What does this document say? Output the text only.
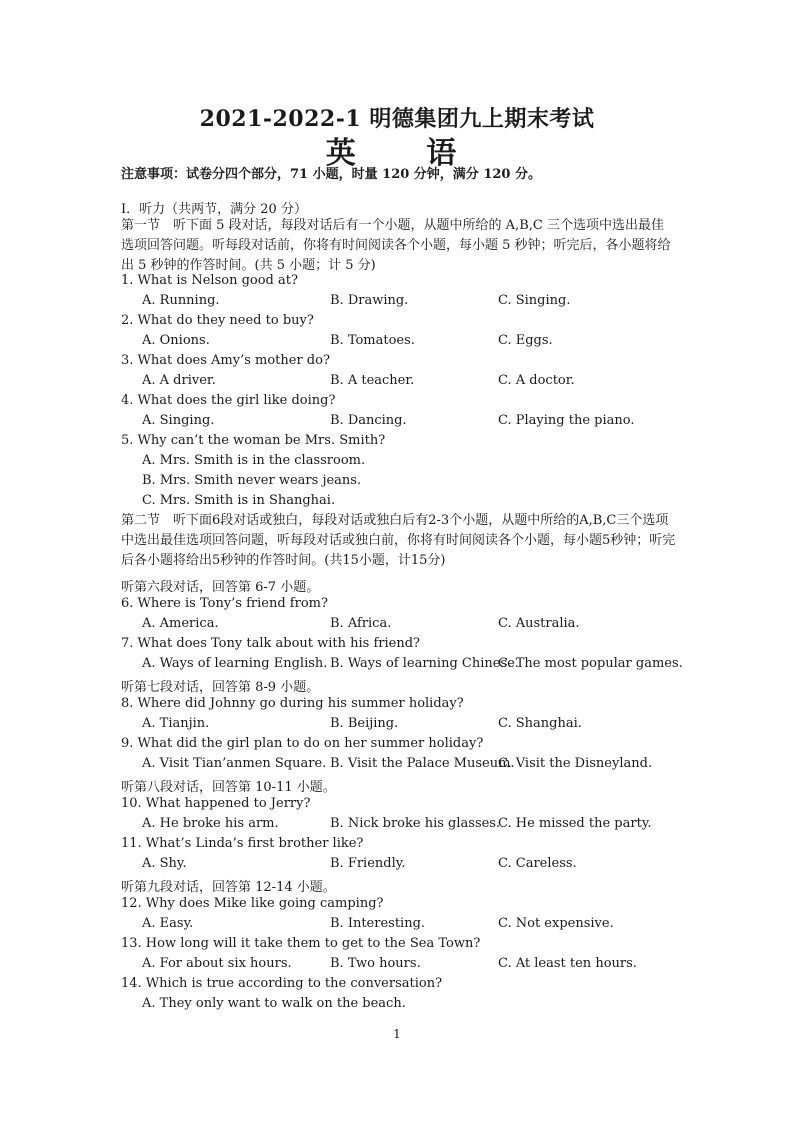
2021-2022-1 明德集团九上期末考试
英 语
注意事项：试卷分四个部分，71 小题，时量 120 分钟，满分 120 分。
I．听力（共两节，满分 20 分）
第一节　听下面 5 段对话，每段对话后有一个小题，从题中所给的 A,B,C 三个选项中选出最佳选项回答问题。听每段对话前，你将有时间阅读各个小题，每小题 5 秒钟；听完后，各小题将给出 5 秒钟的作答时间。(共 5 小题；计 5 分)
1. What is Nelson good at?
A. Running.	B. Drawing.	C. Singing.
2. What do they need to buy?
A. Onions.	B. Tomatoes.	C. Eggs.
3. What does Amy’s mother do?
A. A driver.	B. A teacher.	C. A doctor.
4. What does the girl like doing?
A. Singing.	B. Dancing.	C. Playing the piano.
5. Why can’t the woman be Mrs. Smith?
A. Mrs. Smith is in the classroom.
B. Mrs. Smith never wears jeans.
C. Mrs. Smith is in Shanghai.
第二节　听下面6段对话或独白，每段对话或独白后有2-3个小题，从题中所给的A,B,C三个选项中选出最佳选项回答问题，听每段对话或独白前，你将有时间阅读各个小题，每小题5秒钟；听完后各小题将给出5秒钟的作答时间。(共15小题，计15分)
听第六段对话，回答第 6-7 小题。
6. Where is Tony’s friend from?
A. America.	B. Africa.	C. Australia.
7. What does Tony talk about with his friend?
A. Ways of learning English. B. Ways of learning Chinese.
C. The most popular games.
听第七段对话，回答第 8-9 小题。
8. Where did Johnny go during his summer holiday?
A. Tianjin.	B. Beijing.	C. Shanghai.
9. What did the girl plan to do on her summer holiday?
A. Visit Tian’anmen Square. B. Visit the Palace Museum.
C. Visit the Disneyland.
听第八段对话，回答第 10-11 小题。
10. What happened to Jerry?
A. He broke his arm.	B. Nick broke his glasses.
C. He missed the party.
11. What’s Linda’s first brother like?
A. Shy.	B. Friendly.	C. Careless.
听第九段对话，回答第 12-14 小题。
12. Why does Mike like going camping?
A. Easy.	B. Interesting.	C. Not expensive.
13. How long will it take them to get to the Sea Town?
A. For about six hours.	B. Two hours.	C. At least ten hours.
14. Which is true according to the conversation?
A. They only want to walk on the beach.
1
